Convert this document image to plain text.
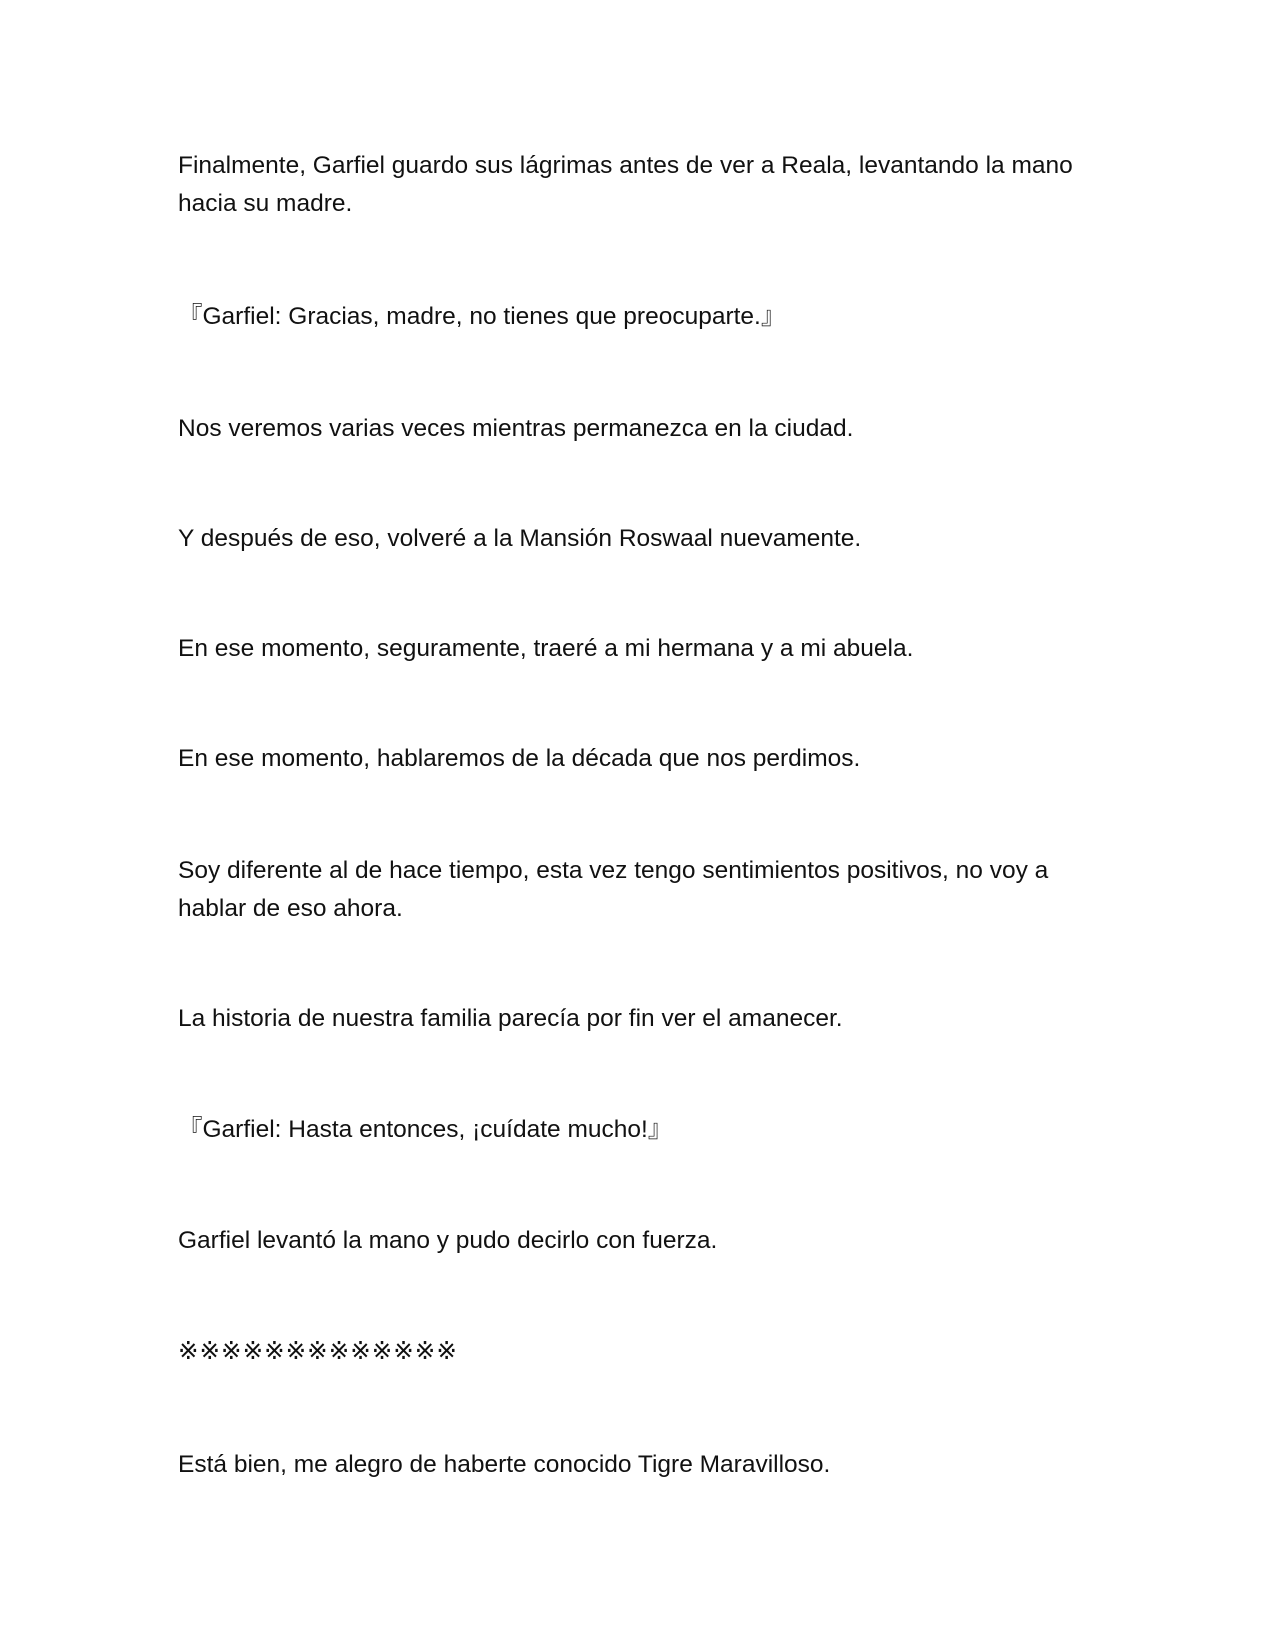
Finalmente, Garfiel guardo sus lágrimas antes de ver a Reala, levantando la mano hacia su madre.

『Garfiel: Gracias, madre, no tienes que preocuparte.』

Nos veremos varias veces mientras permanezca en la ciudad.

Y después de eso, volveré a la Mansión Roswaal nuevamente.

En ese momento, seguramente, traeré a mi hermana y a mi abuela.

En ese momento, hablaremos de la década que nos perdimos.

Soy diferente al de hace tiempo, esta vez tengo sentimientos positivos, no voy a hablar de eso ahora.

La historia de nuestra familia parecía por fin ver el amanecer.

『Garfiel: Hasta entonces, ¡cuídate mucho!』

Garfiel levantó la mano y pudo decirlo con fuerza.

※※※※※※※※※※※※※

Está bien, me alegro de haberte conocido Tigre Maravilloso.
